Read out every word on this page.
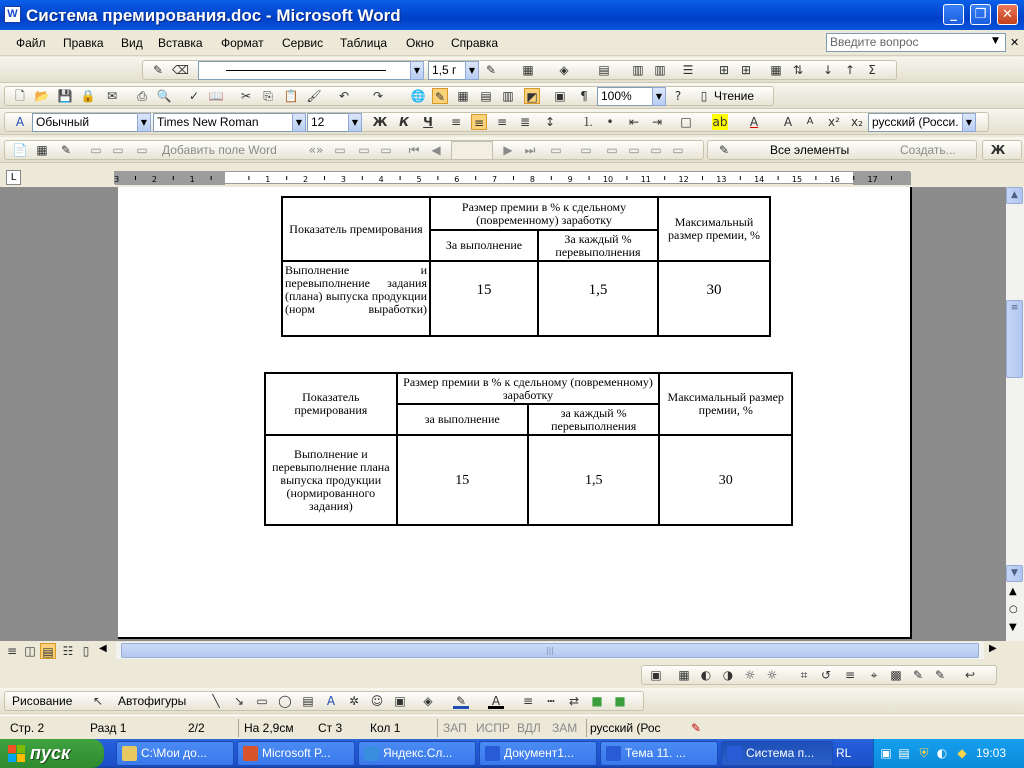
Система премирования.doc - Microsoft Word
W	_	❐	✕
Файл Правка Вид Вставка Формат Сервис Таблица Окно Справка	Введите вопрос	▼ ✕
✎ ⌫	▼ 1,5 г	▼ ✎ ▦ ◈ ▤ ▥ ▥ ☰ ⊞ ⊞ ▦ ⇅ ↓ ↑	Σ
🗋 📂 💾 🔒 ✉ ⎙ 🔍 ✓ 📖 ✂ ⎘ 📋 🖌 ↶ ↷ 🌐 ✎ ▦ ▤ ▥ ◩ ▣	¶	100%	▼	?	▯ Чтение
A Обычный	▼ Times New Roman	▼ 12	▼	Ж К Ч ≡ ≡ ≡ ≣ ↕ ⒈	•	⇤ ⇥ □ ab	A	A	A	x² x₂ русский (Росси. ▼
📄 ▦ ✎ ▭ ▭ ▭ Добавить поле Word	«» ▭ ▭ ▭ ⏮ ◀	▶ ⏭ ▭ ▭ ▭ ▭ ▭ ▭	✎	Все элементы	Создать...	Ж
L	3	2	1	1	2	3	4	5	6	7	8	9	10	11	12	13	14	15	16	17
Показатель премирования	Размер премии в % к сдельному (повременному) заработку		Максимальный размер премии, %
	За выполнение	За каждый % перевыполнения	
Выполнение и перевыполнение задания (плана) выпуска продукции (норм выработки)	15	1,5	30
Показатель премирования	Размер премии в % к сдельному (повременному) заработку		Максимальный размер премии, %
	за выполнение	за каждый % перевыполнения	
Выполнение и перевыполнение плана выпуска продукции (нормированного задания)	15	1,5	30
▲
≡
▼
▲
○
▼
≡ ◫ ▤ ☷ ▯ ◀	|||	▶
▣ ▦ ◐ ◑ ☼ ☼	⌗	↺ ≡	⌖	▩ ✎ ✎ ↩
Рисование ↖ Автофигуры	╲	↘ ▭ ◯ ▤	A	✲ ☺ ▣ ◈ ✎	A	≡	┅	⇄ ■ ■
Стр. 2	Разд 1	2/2	На 2,9см Ст 3 Кол 1	ЗАП ИСПР ВДЛ ЗАМ русский (Рос	✎
пуск	C:\Мои до...	Microsoft P...	Яндекс.Сл...	Документ1...	Тема 11. ...	Система п...	RL ▣ ▤ ⛨ ◐ ◆ 19:03
